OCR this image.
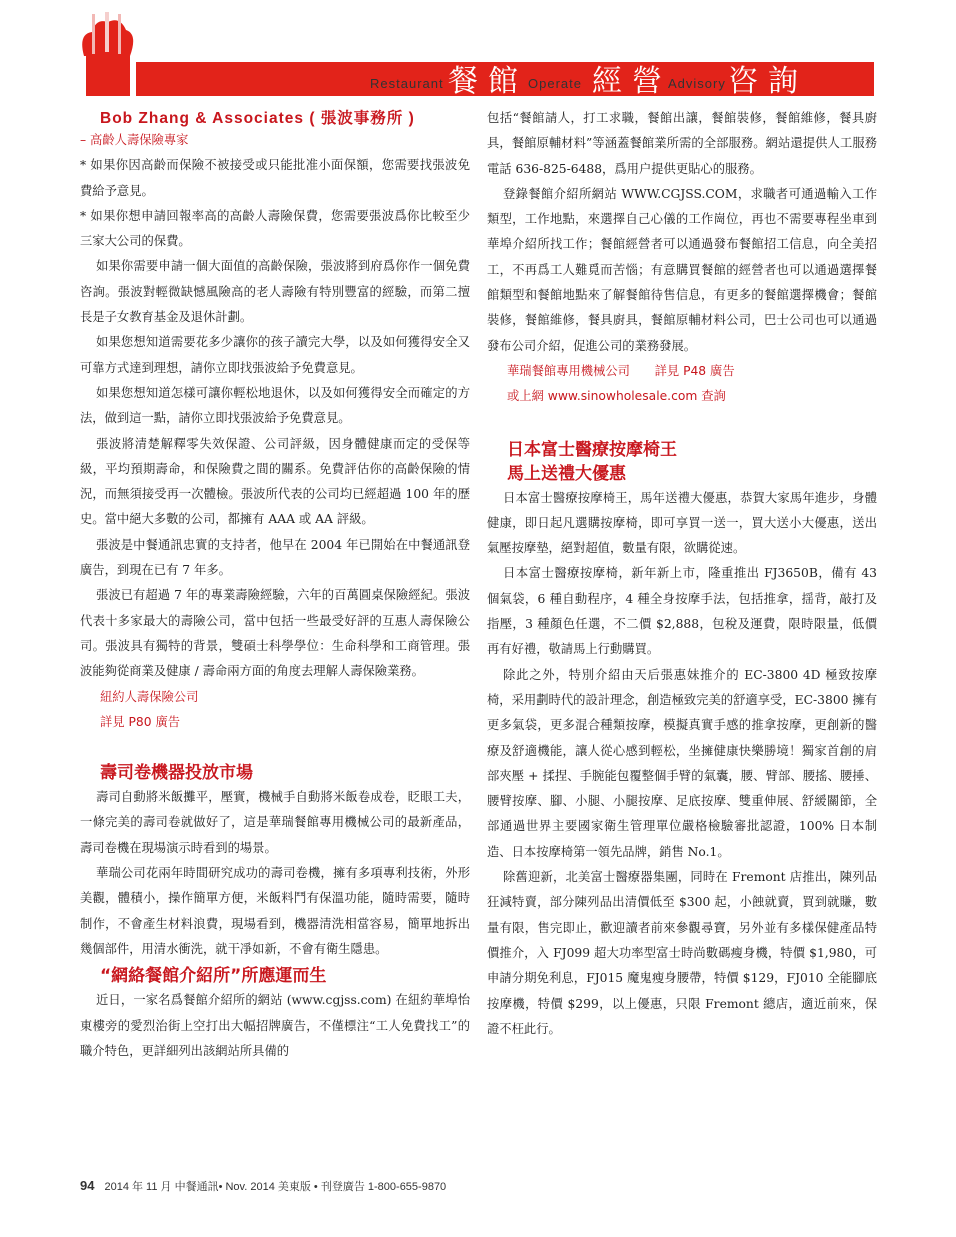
Restaurant 餐館 Operate 經營
Advisory 咨詢
Bob Zhang & Associates ( 張波事務所 )

– 高齡人壽保險專家

* 如果你因高齡而保險不被接受或只能批准小面保額，您需要找張波免費給予意見。

* 如果你想申請回報率高的高齡人壽險保費，您需要張波爲你比較至少三家大公司的保費。

如果你需要申請一個大面值的高齡保險，張波將到府爲你作一個免費咨詢。張波對輕微缺憾風險高的老人壽險有特別豐富的經驗，而第二擅長是子女教育基金及退休計劃。

如果您想知道需要花多少讓你的孩子讀完大學，以及如何獲得安全又可靠方式達到理想，請你立即找張波給予免費意見。

如果您想知道怎樣可讓你輕松地退休，以及如何獲得安全而確定的方法，做到這一點，請你立即找張波給予免費意見。

張波將清楚解釋零失效保證、公司評級，因身體健康而定的受保等級，平均預期壽命，和保險費之間的關系。免費評估你的高齡保險的情況，而無須接受再一次體檢。張波所代表的公司均已經超過 100 年的歷史。當中絕大多數的公司，都擁有 AAA 或 AA 評級。

張波是中餐通訊忠實的支持者，他早在 2004 年已開始在中餐通訊登廣告，到現在已有 7 年多。

張波已有超過 7 年的專業壽險經驗，六年的百萬圓桌保險經紀。張波代表十多家最大的壽險公司，當中包括一些最受好評的互惠人壽保險公司。張波具有獨特的背景，雙碩士科學學位：生命科學和工商管理。張波能夠從商業及健康 / 壽命兩方面的角度去理解人壽保險業務。

紐約人壽保險公司

詳見 P80 廣告

壽司卷機器投放市場

壽司自動將米飯攤平，壓實，機械手自動將米飯卷成卷，眨眼工夫，一條完美的壽司卷就做好了，這是華瑞餐館專用機械公司的最新產品，壽司卷機在現場演示時看到的場景。

華瑞公司花兩年時間研究成功的壽司卷機，擁有多項專利技術，外形美觀，體積小，操作簡單方便，米飯料鬥有保溫功能，隨時需要，隨時制作，不會產生材料浪費，現場看到，機器清洗相當容易，簡單地拆出幾個部件，用清水衝洗，就干凈如新，不會有衛生隱患。

“網絡餐館介紹所”所應運而生

近日，一家名爲餐館介紹所的網站 (www.cgjss.com) 在紐約華埠怡東樓旁的愛烈治街上空打出大幅招牌廣告，不僅標注“工人免費找工”的職介特色，更詳細列出該網站所具備的

包括“餐館請人，打工求職，餐館出讓，餐館裝修，餐館維修，餐具廚具，餐館原輔材料”等涵蓋餐館業所需的全部服務。網站還提供人工服務電話 636-825-6488，爲用户提供更貼心的服務。

登錄餐館介紹所網站 WWW.CGJSS.COM，求職者可通過輸入工作類型，工作地點，來選擇自己心儀的工作崗位，再也不需要專程坐車到華埠介紹所找工作；餐館經營者可以通過發布餐館招工信息，向全美招工，不再爲工人難覓而苦惱；有意購買餐館的經營者也可以通過選擇餐館類型和餐館地點來了解餐館待售信息，有更多的餐館選擇機會；餐館裝修，餐館維修，餐具廚具，餐館原輔材料公司，巴士公司也可以通過發布公司介紹，促進公司的業務發展。

華瑞餐館專用機械公司　　詳見 P48 廣告

或上網 www.sinowholesale.com 查詢

日本富士醫療按摩椅王
馬上送禮大優惠

日本富士醫療按摩椅王，馬年送禮大優惠，恭賀大家馬年進步，身體健康，即日起凡選購按摩椅，即可享買一送一，買大送小大優惠，送出氣壓按摩墊，絕對超值，數量有限，欲購從速。

日本富士醫療按摩椅，新年新上市，隆重推出 FJ3650B，備有 43 個氣袋，6 種自動程序，4 種全身按摩手法，包括推拿，揺背，敲打及指壓，3 種顏色任選，不二價 $2,888，包稅及運費，限時限量，低價再有好禮，敬請馬上行動購買。

除此之外，特別介紹由天后張惠妹推介的 EC-3800 4D 極致按摩椅，采用劃時代的設計理念，創造極致完美的舒適享受，EC-3800 擁有更多氣袋，更多混合種類按摩，模擬真實手感的推拿按摩，更創新的醫療及舒適機能，讓人從心感到輕松，坐擁健康快樂勝境！獨家首創的肩部夾壓 + 揉捏、手腕能包覆整個手臂的氣囊，腰、臂部、腰搖、腰捶、腰臂按摩、腳、小腿、小腿按摩、足底按摩、雙重伸展、舒緩關節，全部通過世界主要國家衛生管理單位嚴格檢驗審批認證，100% 日本制造、日本按摩椅第一領先品牌，銷售 No.1。

除舊迎新，北美富士醫療器集團，同時在 Fremont 店推出，陳列品狂減特賣，部分陳列品出清價低至 $300 起，小蝕就賣，買到就賺，數量有限，售完即止，歡迎讀者前來參觀尋寶，另外並有多樣保健產品特價推介，入 FJ099 超大功率型富士時尚數碼瘦身機，特價 $1,980，可申請分期免利息，FJ015 魔鬼瘦身腰帶，特價 $129，FJ010 全能腳底按摩機，特價 $299，以上優惠，只限 Fremont 總店，適近前來，保證不枉此行。

94 2014 年 11 月 中餐通訊• Nov. 2014 美東版 • 刊登廣告 1-800-655-9870
